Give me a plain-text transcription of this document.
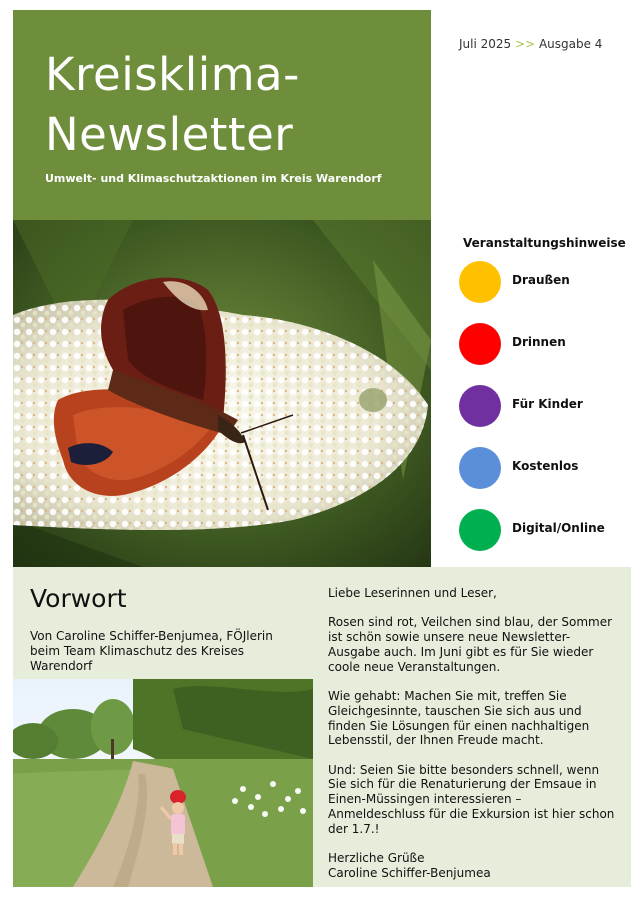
Kreisklima-
Newsletter
Umwelt- und Klimaschutzaktionen im Kreis Warendorf
Juli 2025 >> Ausgabe 4
Veranstaltungshinweise
Draußen
Drinnen
Für Kinder
Kostenlos
Digital/Online
Vorwort
Von Caroline Schiffer-Benjumea, FÖJlerin beim Team Klimaschutz des Kreises Warendorf

Liebe Leserinnen und Leser,

Rosen sind rot, Veilchen sind blau, der Sommer ist schön sowie unsere neue Newsletter-Ausgabe auch. Im Juni gibt es für Sie wieder coole neue Veranstaltungen.

Wie gehabt: Machen Sie mit, treffen Sie Gleichgesinnte, tauschen Sie sich aus und finden Sie Lösungen für einen nachhaltigen Lebensstil, der Ihnen Freude macht.

Und: Seien Sie bitte besonders schnell, wenn Sie sich für die Renaturierung der Emsaue in Einen-Müssingen interessieren – Anmeldeschluss für die Exkursion ist hier schon der 1.7.!

Herzliche Grüße
Caroline Schiffer-Benjumea
